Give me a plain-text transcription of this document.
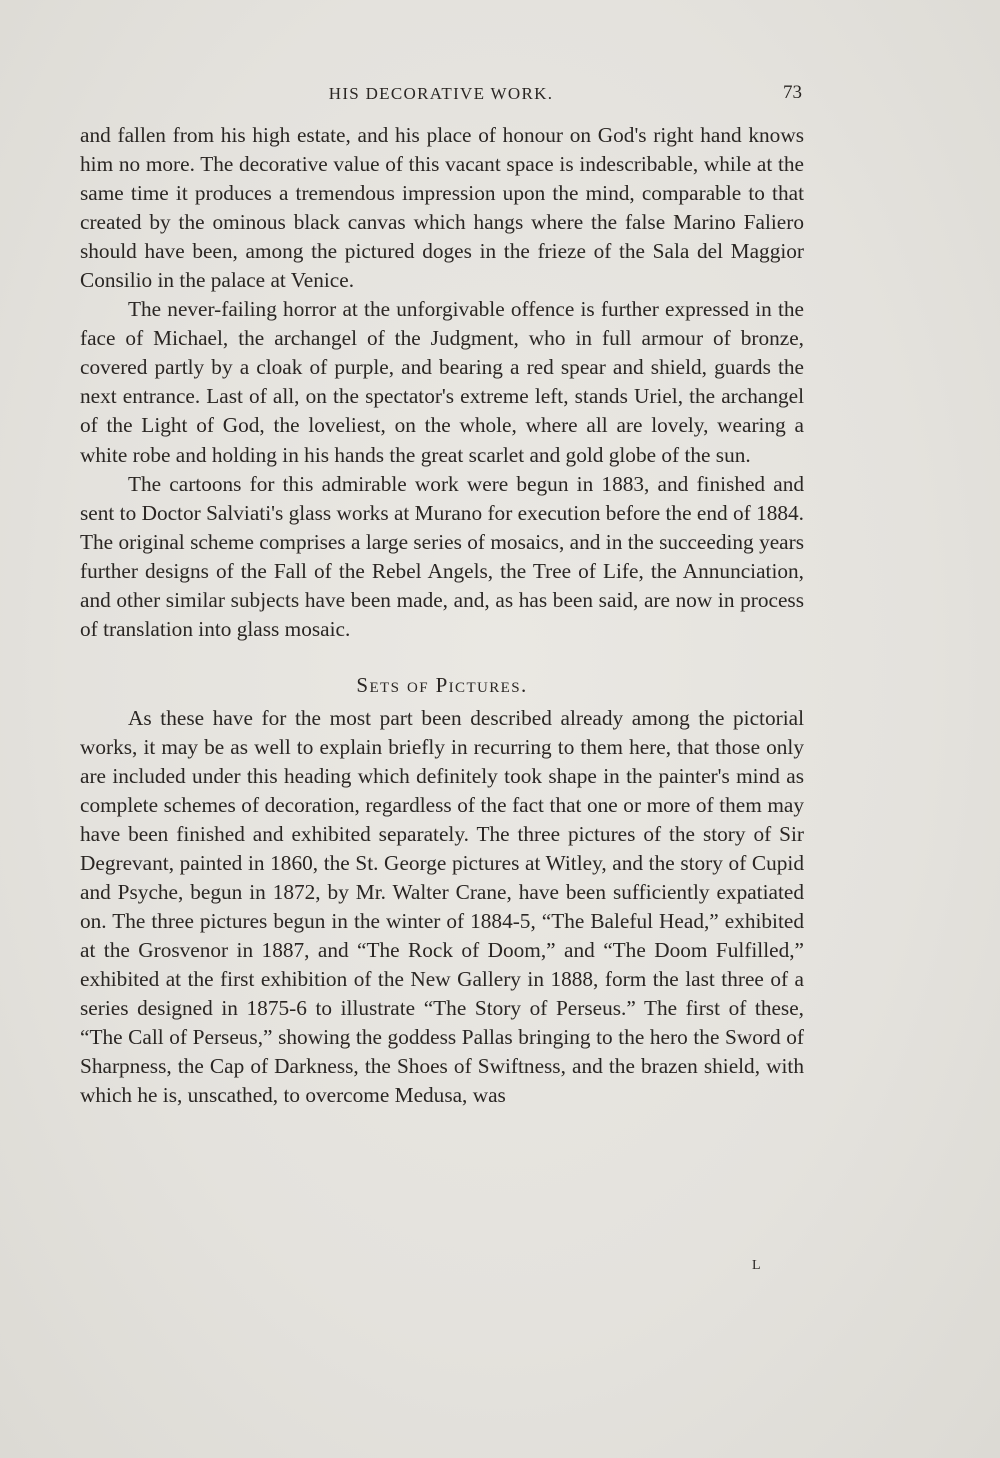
HIS DECORATIVE WORK.	73

and fallen from his high estate, and his place of honour on God's right hand knows him no more. The decorative value of this vacant space is indescribable, while at the same time it produces a tremendous impression upon the mind, comparable to that created by the ominous black canvas which hangs where the false Marino Faliero should have been, among the pictured doges in the frieze of the Sala del Maggior Consilio in the palace at Venice.

The never-failing horror at the unforgivable offence is further expressed in the face of Michael, the archangel of the Judgment, who in full armour of bronze, covered partly by a cloak of purple, and bearing a red spear and shield, guards the next entrance. Last of all, on the spectator's extreme left, stands Uriel, the archangel of the Light of God, the loveliest, on the whole, where all are lovely, wearing a white robe and holding in his hands the great scarlet and gold globe of the sun.

The cartoons for this admirable work were begun in 1883, and finished and sent to Doctor Salviati's glass works at Murano for execution before the end of 1884. The original scheme comprises a large series of mosaics, and in the succeeding years further designs of the Fall of the Rebel Angels, the Tree of Life, the Annunciation, and other similar subjects have been made, and, as has been said, are now in process of translation into glass mosaic.

Sets of Pictures.

As these have for the most part been described already among the pictorial works, it may be as well to explain briefly in recurring to them here, that those only are included under this heading which definitely took shape in the painter's mind as complete schemes of decoration, regardless of the fact that one or more of them may have been finished and exhibited separately. The three pictures of the story of Sir Degrevant, painted in 1860, the St. George pictures at Witley, and the story of Cupid and Psyche, begun in 1872, by Mr. Walter Crane, have been sufficiently expatiated on. The three pictures begun in the winter of 1884-5, “The Baleful Head,” exhibited at the Grosvenor in 1887, and “The Rock of Doom,” and “The Doom Fulfilled,” exhibited at the first exhibition of the New Gallery in 1888, form the last three of a series designed in 1875-6 to illustrate “The Story of Perseus.” The first of these, “The Call of Perseus,” showing the goddess Pallas bringing to the hero the Sword of Sharpness, the Cap of Darkness, the Shoes of Swiftness, and the brazen shield, with which he is, unscathed, to overcome Medusa, was

L
